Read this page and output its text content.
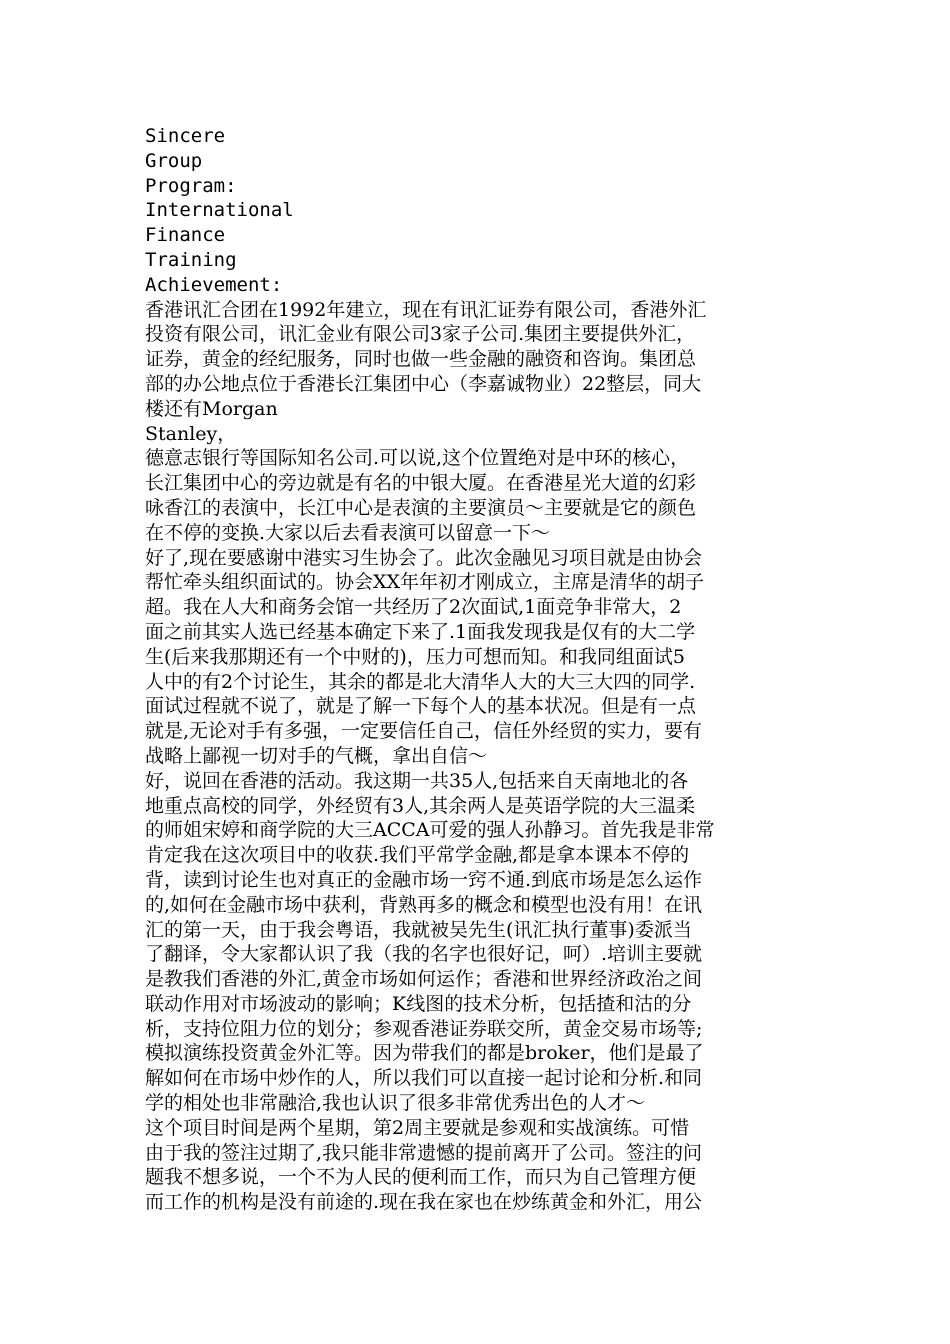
Sincere
Group
Program:
International
Finance
Training
Achievement:
香港讯汇合团在1992年建立，现在有讯汇证券有限公司，香港外汇
投资有限公司，讯汇金业有限公司3家子公司.集团主要提供外汇，
证券，黄金的经纪服务，同时也做一些金融的融资和咨询。集团总
部的办公地点位于香港长江集团中心（李嘉诚物业）22整层，同大
楼还有Morgan
Stanley，
德意志银行等国际知名公司.可以说,这个位置绝对是中环的核心，
长江集团中心的旁边就是有名的中银大厦。在香港星光大道的幻彩
咏香江的表演中，长江中心是表演的主要演员～主要就是它的颜色
在不停的变换.大家以后去看表演可以留意一下～
好了,现在要感谢中港实习生协会了。此次金融见习项目就是由协会
帮忙牵头组织面试的。协会XX年年初才刚成立，主席是清华的胡子
超。我在人大和商务会馆一共经历了2次面试,1面竞争非常大，2
面之前其实人选已经基本确定下来了.1面我发现我是仅有的大二学
生(后来我那期还有一个中财的)，压力可想而知。和我同组面试5
人中的有2个讨论生，其余的都是北大清华人大的大三大四的同学.
面试过程就不说了，就是了解一下每个人的基本状况。但是有一点
就是,无论对手有多强，一定要信任自己，信任外经贸的实力，要有
战略上鄙视一切对手的气概，拿出自信～
好，说回在香港的活动。我这期一共35人,包括来自天南地北的各
地重点高校的同学，外经贸有3人,其余两人是英语学院的大三温柔
的师姐宋婷和商学院的大三ACCA可爱的强人孙静习。首先我是非常
肯定我在这次项目中的收获.我们平常学金融,都是拿本课本不停的
背，读到讨论生也对真正的金融市场一窍不通.到底市场是怎么运作
的,如何在金融市场中获利，背熟再多的概念和模型也没有用！在讯
汇的第一天，由于我会粤语，我就被吴先生(讯汇执行董事)委派当
了翻译，令大家都认识了我（我的名字也很好记，呵）.培训主要就
是教我们香港的外汇,黄金市场如何运作；香港和世界经济政治之间
联动作用对市场波动的影响；K线图的技术分析，包括揸和沽的分
析，支持位阻力位的划分；参观香港证券联交所，黄金交易市场等;
模拟演练投资黄金外汇等。因为带我们的都是broker，他们是最了
解如何在市场中炒作的人，所以我们可以直接一起讨论和分析.和同
学的相处也非常融洽,我也认识了很多非常优秀出色的人才～
这个项目时间是两个星期，第2周主要就是参观和实战演练。可惜
由于我的签注过期了,我只能非常遗憾的提前离开了公司。签注的问
题我不想多说，一个不为人民的便利而工作，而只为自己管理方便
而工作的机构是没有前途的.现在我在家也在炒练黄金和外汇，用公
